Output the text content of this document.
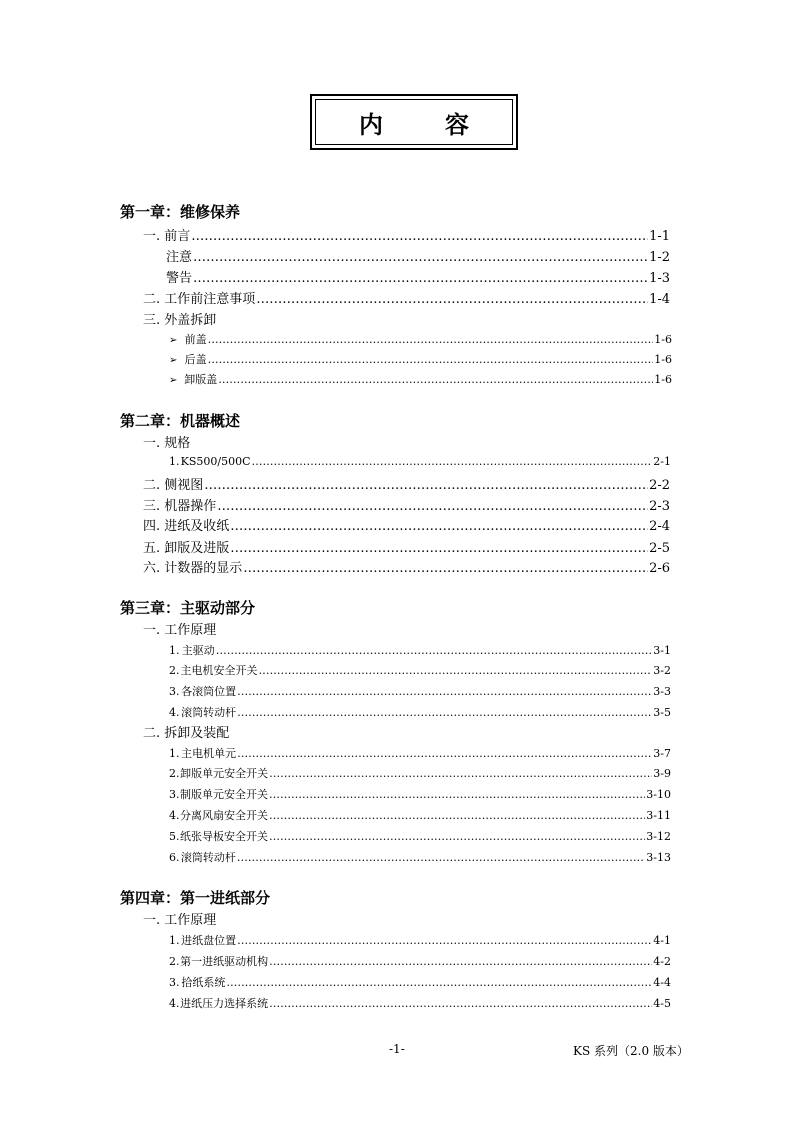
内	容
第一章：维修保养
一. 前言 ………………………………………………………………………………………………………………………………………………………………………………………………………	1-1
注意 ………………………………………………………………………………………………………………………………………………………………………………………………………	1-2
警告 ………………………………………………………………………………………………………………………………………………………………………………………………………	1-3
二. 工作前注意事项 ………………………………………………………………………………………………………………………………………………………………………………………………………	1-4
三. 外盖拆卸
➢ 前盖 ………………………………………………………………………………………………………………………………………………………………………………………………………	1-6
➢ 后盖 ………………………………………………………………………………………………………………………………………………………………………………………………………	1-6
➢ 卸版盖 ………………………………………………………………………………………………………………………………………………………………………………………………………	1-6
第二章：机器概述
一. 规格
1. KS500/500C ………………………………………………………………………………………………………………………………………………………………………………………………………	2-1
二. 侧视图 ………………………………………………………………………………………………………………………………………………………………………………………………………	2-2
三. 机器操作 ………………………………………………………………………………………………………………………………………………………………………………………………………	2-3
四. 进纸及收纸 ………………………………………………………………………………………………………………………………………………………………………………………………………	2-4
五. 卸版及进版 ………………………………………………………………………………………………………………………………………………………………………………………………………	2-5
六. 计数器的显示 ………………………………………………………………………………………………………………………………………………………………………………………………………	2-6
第三章：主驱动部分
一. 工作原理
1. 主驱动 ………………………………………………………………………………………………………………………………………………………………………………………………………	3-1
2. 主电机安全开关 ………………………………………………………………………………………………………………………………………………………………………………………………………	3-2
3. 各滚筒位置 ………………………………………………………………………………………………………………………………………………………………………………………………………	3-3
4. 滚筒转动杆 ………………………………………………………………………………………………………………………………………………………………………………………………………	3-5
二. 拆卸及装配
1. 主电机单元 ………………………………………………………………………………………………………………………………………………………………………………………………………	3-7
2. 卸版单元安全开关 ………………………………………………………………………………………………………………………………………………………………………………………………………	3-9
3. 制版单元安全开关 ………………………………………………………………………………………………………………………………………………………………………………………………………	3-10
4. 分离风扇安全开关 ………………………………………………………………………………………………………………………………………………………………………………………………………	3-11
5. 纸张导板安全开关 ………………………………………………………………………………………………………………………………………………………………………………………………………	3-12
6. 滚筒转动杆 ………………………………………………………………………………………………………………………………………………………………………………………………………	3-13
第四章：第一进纸部分
一. 工作原理
1. 进纸盘位置 ………………………………………………………………………………………………………………………………………………………………………………………………………	4-1
2. 第一进纸驱动机构 ………………………………………………………………………………………………………………………………………………………………………………………………………	4-2
3. 拾纸系统 ………………………………………………………………………………………………………………………………………………………………………………………………………	4-4
4. 进纸压力选择系统 ………………………………………………………………………………………………………………………………………………………………………………………………………	4-5
-1-	KS 系列（2.0 版本）
